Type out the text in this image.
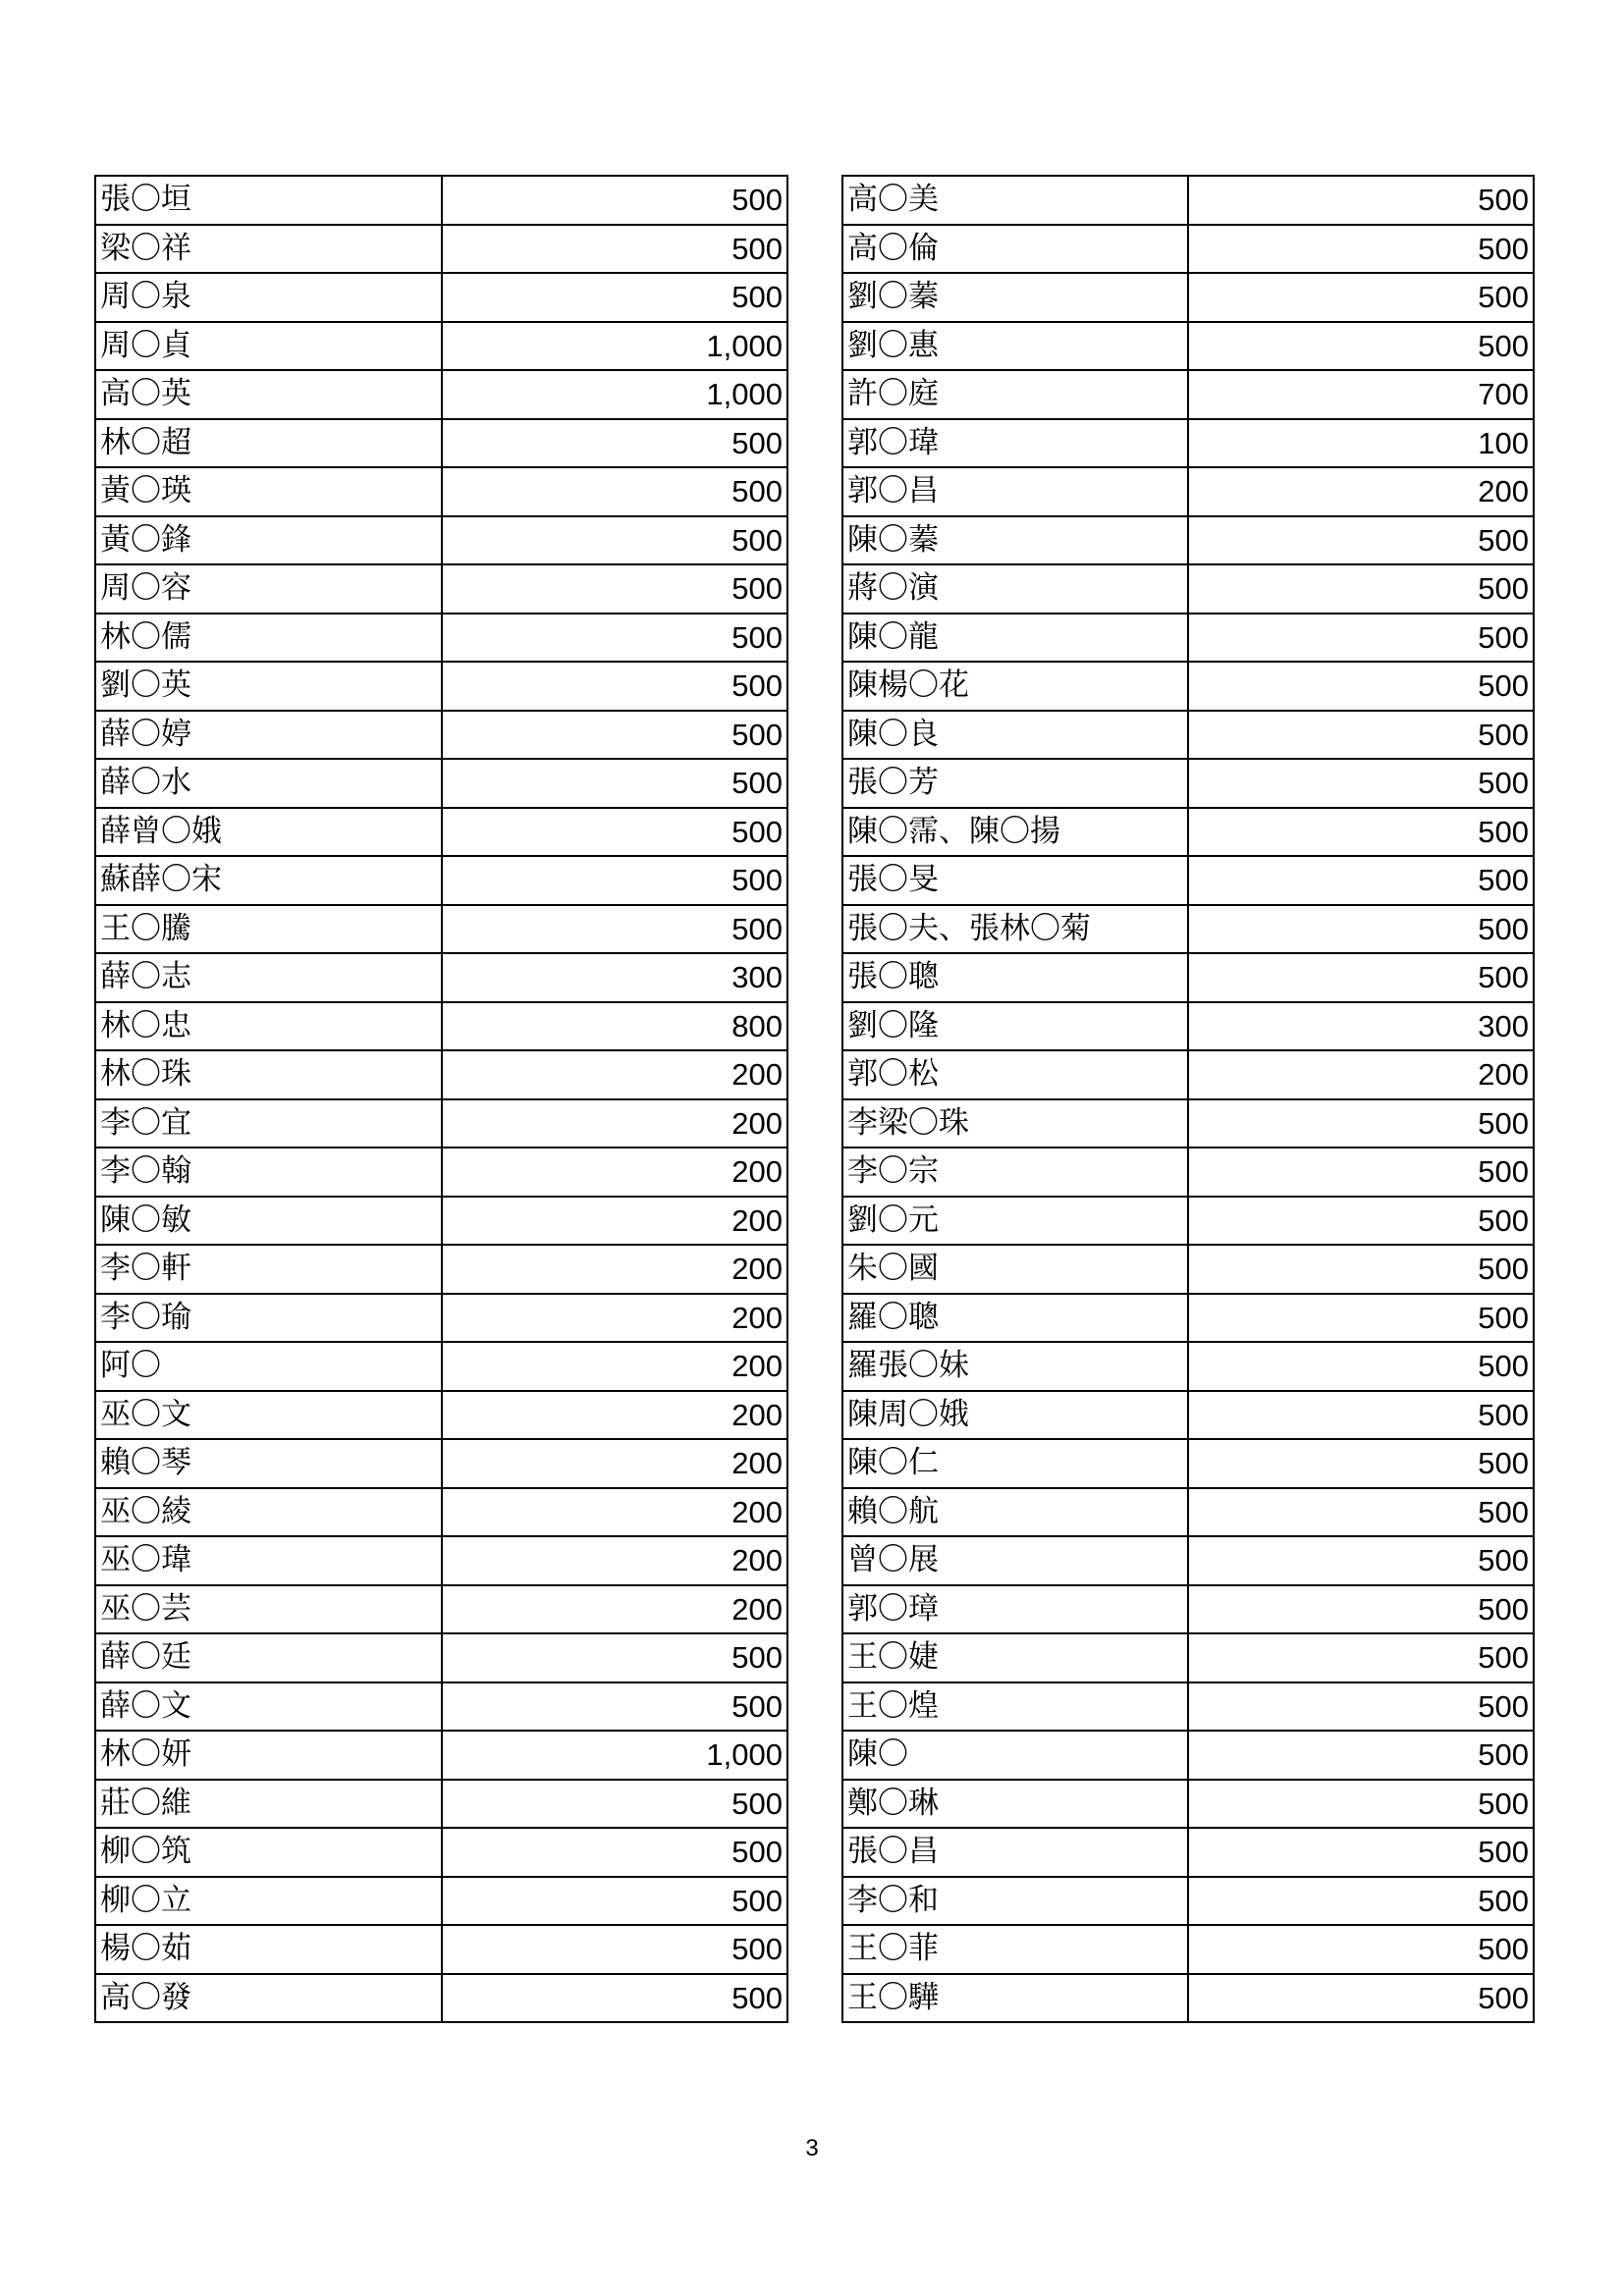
張〇垣	500
梁〇祥	500
周〇泉	500
周〇貞	1,000
高〇英	1,000
林〇超	500
黃〇瑛	500
黃〇鋒	500
周〇容	500
林〇儒	500
劉〇英	500
薛〇婷	500
薛〇水	500
薛曾〇娥	500
蘇薛〇宋	500
王〇騰	500
薛〇志	300
林〇忠	800
林〇珠	200
李〇宜	200
李〇翰	200
陳〇敏	200
李〇軒	200
李〇瑜	200
阿〇	200
巫〇文	200
賴〇琴	200
巫〇綾	200
巫〇瑋	200
巫〇芸	200
薛〇廷	500
薛〇文	500
林〇妍	1,000
莊〇維	500
柳〇筑	500
柳〇立	500
楊〇茹	500
高〇發	500
高〇美	500
高〇倫	500
劉〇蓁	500
劉〇惠	500
許〇庭	700
郭〇瑋	100
郭〇昌	200
陳〇蓁	500
蔣〇演	500
陳〇龍	500
陳楊〇花	500
陳〇良	500
張〇芳	500
陳〇霈、陳〇揚	500
張〇旻	500
張〇夫、張林〇菊	500
張〇聰	500
劉〇隆	300
郭〇松	200
李梁〇珠	500
李〇宗	500
劉〇元	500
朱〇國	500
羅〇聰	500
羅張〇妹	500
陳周〇娥	500
陳〇仁	500
賴〇航	500
曾〇展	500
郭〇璋	500
王〇婕	500
王〇煌	500
陳〇	500
鄭〇琳	500
張〇昌	500
李〇和	500
王〇菲	500
王〇驊	500
3
